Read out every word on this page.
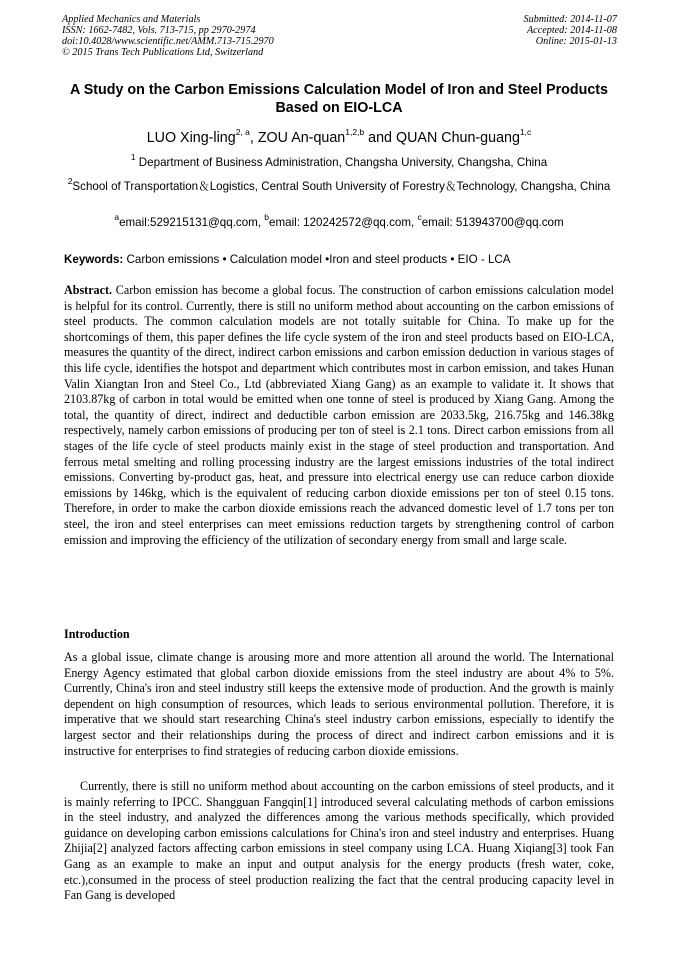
Applied Mechanics and Materials
ISSN: 1662-7482, Vols. 713-715, pp 2970-2974
doi:10.4028/www.scientific.net/AMM.713-715.2970
© 2015 Trans Tech Publications Ltd, Switzerland
Submitted: 2014-11-07
Accepted: 2014-11-08
Online: 2015-01-13
A Study on the Carbon Emissions Calculation Model of Iron and Steel Products Based on EIO-LCA
LUO Xing-ling$^{2, a}$, ZOU An-quan$^{1,2,b}$ and QUAN Chun-guang$^{1,c}$
$^1$ Department of Business Administration, Changsha University, Changsha, China
$^2$School of Transportation＆Logistics, Central South University of Forestry＆Technology, Changsha, China
$^a$email:529215131@qq.com, $^b$email: 120242572@qq.com, $^c$email: 513943700@qq.com
Keywords: Carbon emissions • Calculation model •Iron and steel products • EIO - LCA
Abstract. Carbon emission has become a global focus. The construction of carbon emissions calculation model is helpful for its control. Currently, there is still no uniform method about accounting on the carbon emissions of steel products. The common calculation models are not totally suitable for China. To make up for the shortcomings of them, this paper defines the life cycle system of the iron and steel products based on EIO-LCA, measures the quantity of the direct, indirect carbon emissions and carbon emission deduction in various stages of this life cycle, identifies the hotspot and department which contributes most in carbon emission, and takes Hunan Valin Xiangtan Iron and Steel Co., Ltd (abbreviated Xiang Gang) as an example to validate it. It shows that 2103.87kg of carbon in total would be emitted when one tonne of steel is produced by Xiang Gang. Among the total, the quantity of direct, indirect and deductible carbon emission are 2033.5kg, 216.75kg and 146.38kg respectively, namely carbon emissions of producing per ton of steel is 2.1 tons. Direct carbon emissions from all stages of the life cycle of steel products mainly exist in the stage of steel production and transportation. And ferrous metal smelting and rolling processing industry are the largest emissions industries of the total indirect emissions. Converting by-product gas, heat, and pressure into electrical energy use can reduce carbon dioxide emissions by 146kg, which is the equivalent of reducing carbon dioxide emissions per ton of steel 0.15 tons. Therefore, in order to make the carbon dioxide emissions reach the advanced domestic level of 1.7 tons per ton steel, the iron and steel enterprises can meet emissions reduction targets by strengthening control of carbon emission and improving the efficiency of the utilization of secondary energy from small and large scale.
Introduction
As a global issue, climate change is arousing more and more attention all around the world. The International Energy Agency estimated that global carbon dioxide emissions from the steel industry are about 4% to 5%. Currently, China's iron and steel industry still keeps the extensive mode of production. And the growth is mainly dependent on high consumption of resources, which leads to serious environmental pollution. Therefore, it is imperative that we should start researching China's steel industry carbon emissions, especially to identify the largest sector and their relationships during the process of direct and indirect carbon emissions and it is instructive for enterprises to find strategies of reducing carbon dioxide emissions.
Currently, there is still no uniform method about accounting on the carbon emissions of steel products, and it is mainly referring to IPCC. Shangguan Fangqin[1] introduced several calculating methods of carbon emissions in the steel industry, and analyzed the differences among the various methods specifically, which provided guidance on developing carbon emissions calculations for China's iron and steel industry and enterprises. Huang Zhijia[2] analyzed factors affecting carbon emissions in steel company using LCA. Huang Xiqiang[3] took Fan Gang as an example to make an input and output analysis for the energy products (fresh water, coke, etc.),consumed in the process of steel production realizing the fact that the central producing capacity level in Fan Gang is developed
